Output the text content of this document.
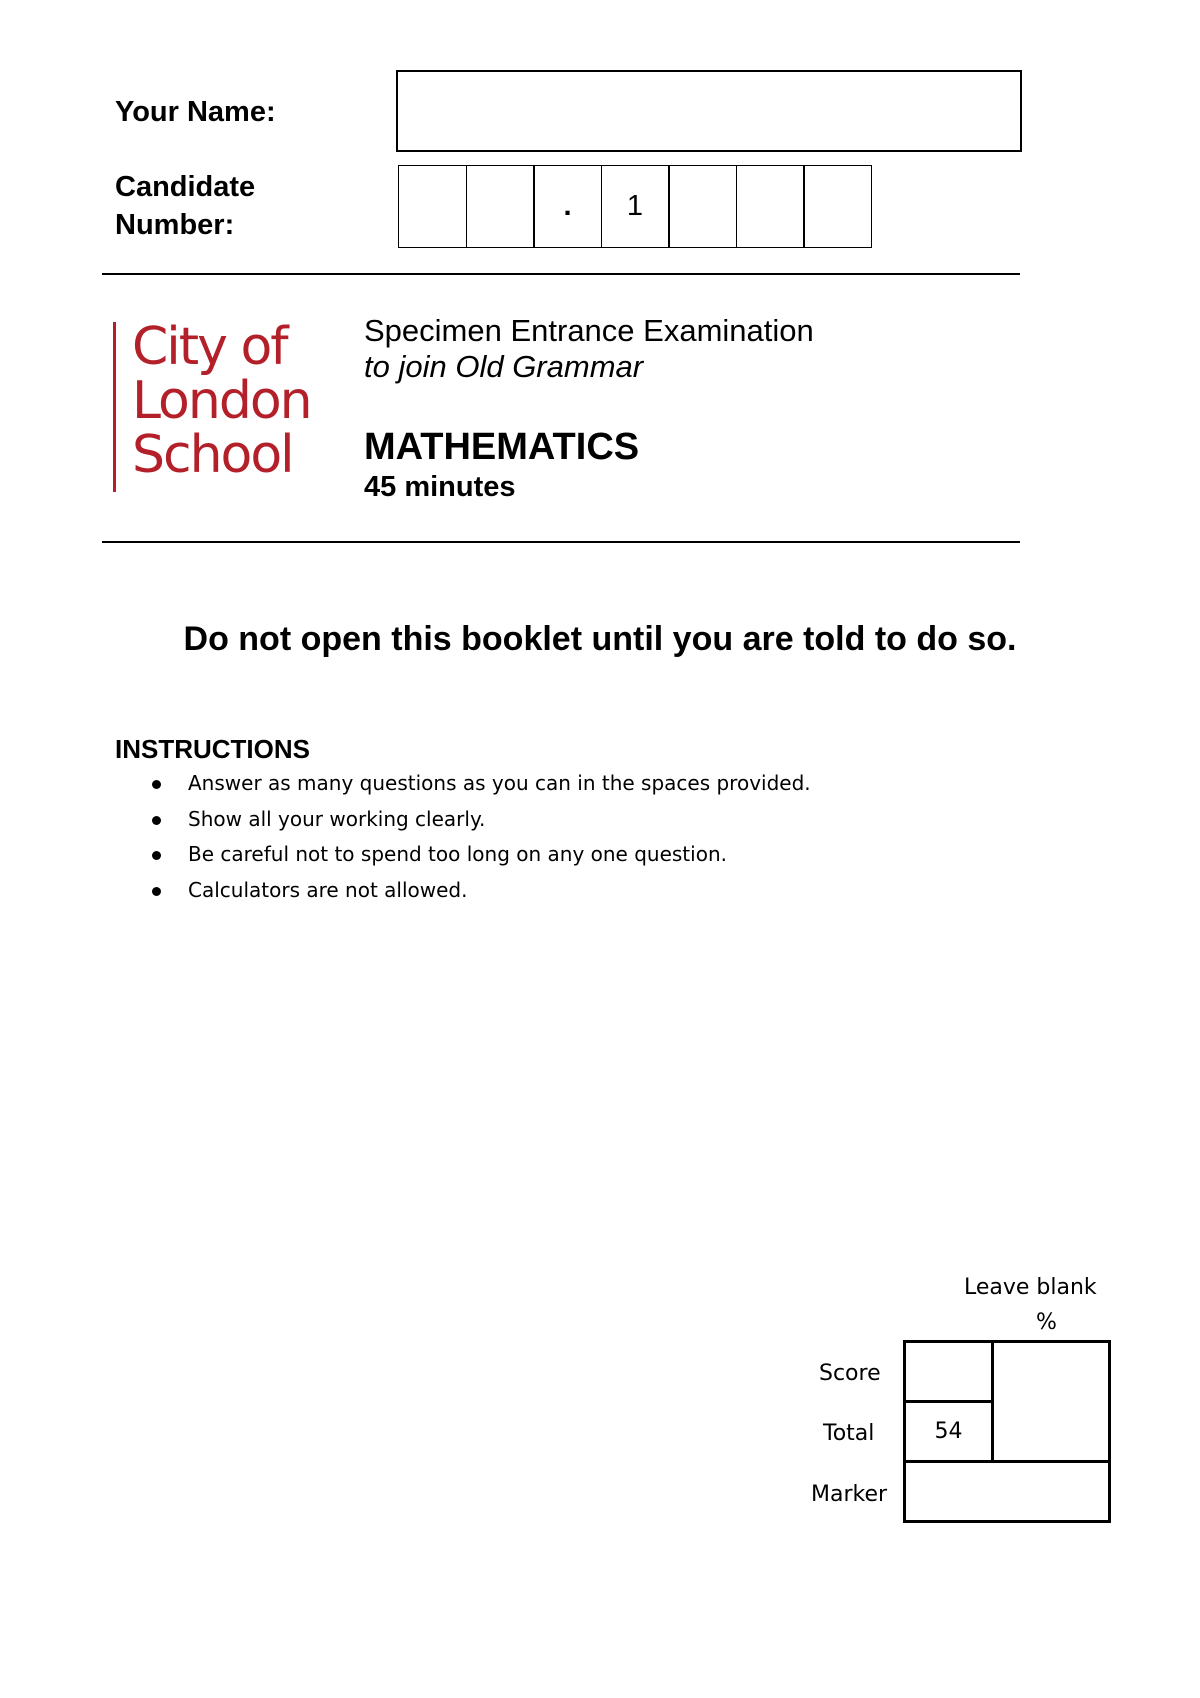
Your Name:
Candidate
Number:
.	1
City of
London
School
Specimen Entrance Examination
to join Old Grammar
MATHEMATICS
45 minutes
Do not open this booklet until you are told to do so.
INSTRUCTIONS
Answer as many questions as you can in the spaces provided.
Show all your working clearly.
Be careful not to spend too long on any one question.
Calculators are not allowed.
Leave blank
%
Score
Total
Marker
54
